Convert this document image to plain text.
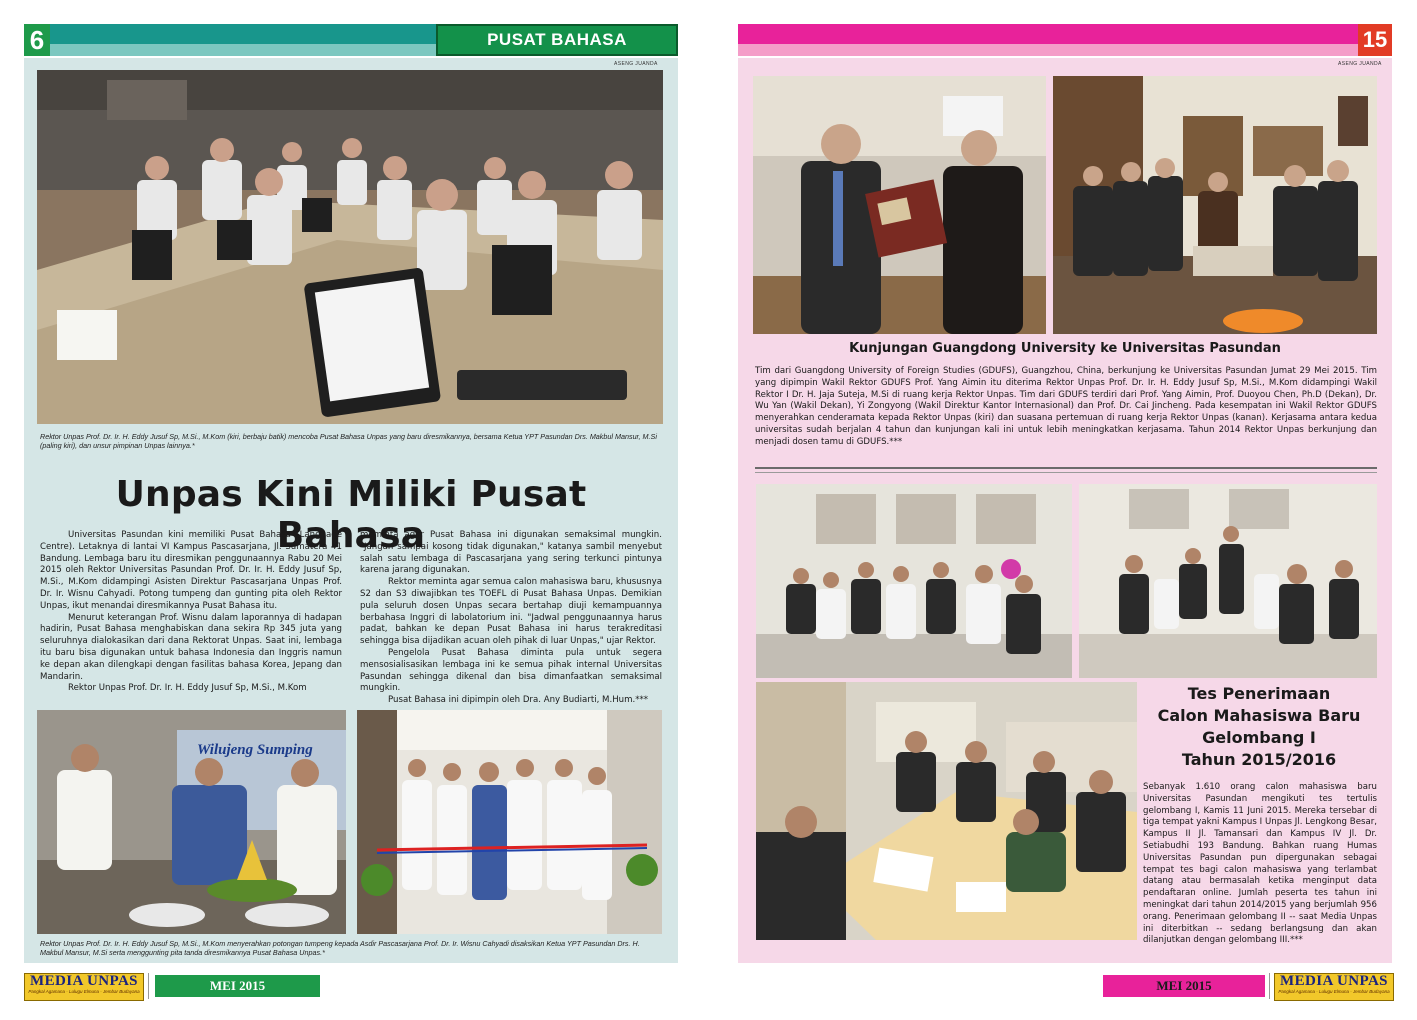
6	PUSAT BAHASA
ASENG JUANDA
Rektor Unpas Prof. Dr. Ir. H. Eddy Jusuf Sp, M.Si., M.Kom (kiri, berbaju batik) mencoba Pusat Bahasa Unpas yang baru diresmikannya, bersama Ketua YPT Pasundan Drs. Makbul Mansur, M.Si (paling kiri), dan unsur pimpinan Unpas lainnya.*
Unpas Kini Miliki Pusat Bahasa

Universitas Pasundan kini memiliki Pusat Bahasa (Language Centre). Letaknya di lantai VI Kampus Pascasarjana, Jl. Sumatera 41 Bandung. Lembaga baru itu diresmikan penggunaannya Rabu 20 Mei 2015 oleh Rektor Universitas Pasundan Prof. Dr. Ir. H. Eddy Jusuf Sp, M.Si., M.Kom didampingi Asisten Direktur Pascasarjana Unpas Prof. Dr. Ir. Wisnu Cahyadi. Potong tumpeng dan gunting pita oleh Rektor Unpas, ikut menandai diresmikannya Pusat Bahasa itu.

Menurut keterangan Prof. Wisnu dalam laporannya di hadapan hadirin, Pusat Bahasa menghabiskan dana sekira Rp 345 juta yang seluruhnya dialokasikan dari dana Rektorat Unpas. Saat ini, lembaga itu baru bisa digunakan untuk bahasa Indonesia dan Inggris namun ke depan akan dilengkapi dengan fasilitas bahasa Korea, Jepang dan Mandarin.

Rektor Unpas Prof. Dr. Ir. H. Eddy Jusuf Sp, M.Si., M.Kom

meminta agar Pusat Bahasa ini digunakan semaksimal mungkin. "Jangan sampai kosong tidak digunakan," katanya sambil menyebut salah satu lembaga di Pascasarjana yang sering terkunci pintunya karena jarang digunakan.

Rektor meminta agar semua calon mahasiswa baru, khususnya S2 dan S3 diwajibkan tes TOEFL di Pusat Bahasa Unpas. Demikian pula seluruh dosen Unpas secara bertahap diuji kemampuannya berbahasa Inggri di labolatorium ini. "Jadwal penggunaannya harus padat, bahkan ke depan Pusat Bahasa ini harus terakreditasi sehingga bisa dijadikan acuan oleh pihak di luar Unpas," ujar Rektor.

Pengelola Pusat Bahasa diminta pula untuk segera mensosialisasikan lembaga ini ke semua pihak internal Universitas Pasundan sehingga dikenal dan bisa dimanfaatkan semaksimal mungkin.

Pusat Bahasa ini dipimpin oleh Dra. Any Budiarti, M.Hum.***

Wilujeng Sumping
Rektor Unpas Prof. Dr. Ir. H. Eddy Jusuf Sp, M.Si., M.Kom menyerahkan potongan tumpeng kepada Asdir Pascasarjana Prof. Dr. Ir. Wisnu Cahyadi disaksikan Ketua YPT Pasundan Drs. H. Makbul Mansur, M.Si serta menggunting pita tanda diresmikannya Pusat Bahasa Unpas.*
MEDIA UNPAS
Pangkal Agamana · Lulugu Elmuna · Jembar Budayana	MEI 2015
15
ASENG JUANDA
Kunjungan Guangdong University ke Universitas Pasundan
Tim dari Guangdong University of Foreign Studies (GDUFS), Guangzhou, China, berkunjung ke Universitas Pasundan Jumat 29 Mei 2015. Tim yang dipimpin Wakil Rektor GDUFS Prof. Yang Aimin itu diterima Rektor Unpas Prof. Dr. Ir. H. Eddy Jusuf Sp, M.Si., M.Kom didampingi Wakil Rektor I Dr. H. Jaja Suteja, M.Si di ruang kerja Rektor Unpas. Tim dari GDUFS terdiri dari Prof. Yang Aimin, Prof. Duoyou Chen, Ph.D (Dekan), Dr. Wu Yan (Wakil Dekan), Yi Zongyong (Wakil Direktur Kantor Internasional) dan Prof. Dr. Cai Jincheng. Pada kesempatan ini Wakil Rektor GDUFS menyerahkan cenderamata kepada Rektor Unpas (kiri) dan suasana pertemuan di ruang kerja Rektor Unpas (kanan). Kerjasama antara kedua universitas sudah berjalan 4 tahun dan kunjungan kali ini untuk lebih meningkatkan kerjasama. Tahun 2014 Rektor Unpas berkunjung dan menjadi dosen tamu di GDUFS.***
Tes Penerimaan
Calon Mahasiswa Baru
Gelombang I
Tahun 2015/2016
Sebanyak 1.610 orang calon mahasiswa baru Universitas Pasundan mengikuti tes tertulis gelombang I, Kamis 11 Juni 2015. Mereka tersebar di tiga tempat yakni Kampus I Unpas Jl. Lengkong Besar, Kampus II Jl. Tamansari dan Kampus IV Jl. Dr. Setiabudhi 193 Bandung. Bahkan ruang Humas Universitas Pasundan pun dipergunakan sebagai tempat tes bagi calon mahasiswa yang terlambat datang atau bermasalah ketika menginput data pendaftaran online. Jumlah peserta tes tahun ini meningkat dari tahun 2014/2015 yang berjumlah 956 orang. Penerimaan gelombang II -- saat Media Unpas ini diterbitkan -- sedang berlangsung dan akan dilanjutkan dengan gelombang III.***
MEI 2015	MEDIA UNPAS
Pangkal Agamana · Lulugu Elmuna · Jembar Budayana
